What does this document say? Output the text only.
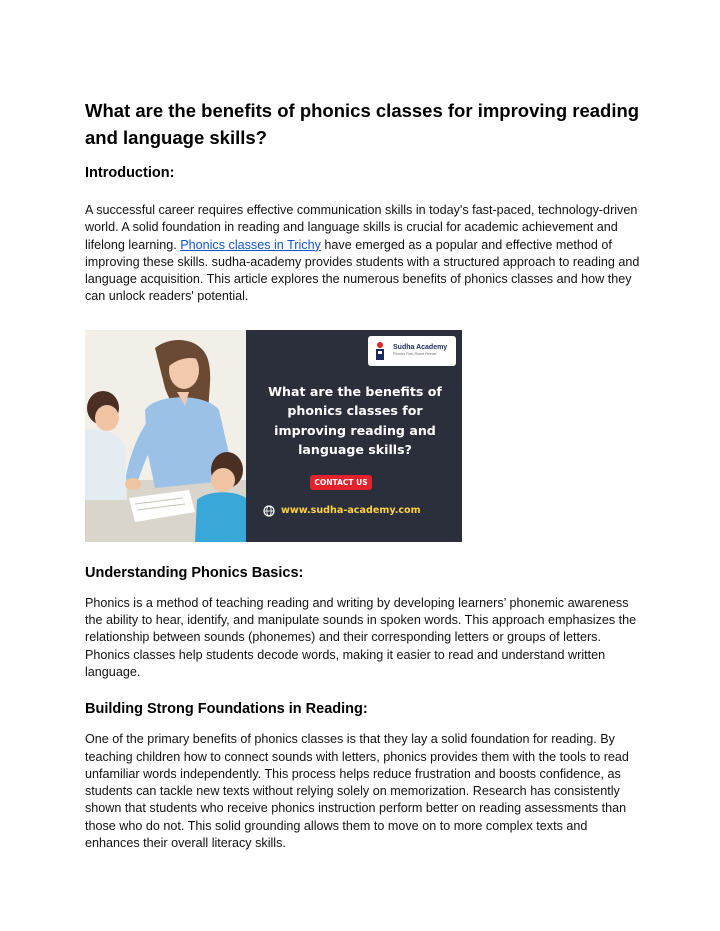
What are the benefits of phonics classes for improving reading and language skills?
Introduction:

A successful career requires effective communication skills in today's fast-paced, technology-driven world. A solid foundation in reading and language skills is crucial for academic achievement and lifelong learning. Phonics classes in Trichy have emerged as a popular and effective method of improving these skills. sudha-academy provides students with a structured approach to reading and language acquisition. This article explores the numerous benefits of phonics classes and how they can unlock readers' potential.

Sudha Academy
Phonics First, Fluent Forever
What are the benefits of phonics classes for improving reading and language skills?
CONTACT US
www.sudha-academy.com
Understanding Phonics Basics:

Phonics is a method of teaching reading and writing by developing learners’ phonemic awareness the ability to hear, identify, and manipulate sounds in spoken words. This approach emphasizes the relationship between sounds (phonemes) and their corresponding letters or groups of letters. Phonics classes help students decode words, making it easier to read and understand written language.

Building Strong Foundations in Reading:

One of the primary benefits of phonics classes is that they lay a solid foundation for reading. By teaching children how to connect sounds with letters, phonics provides them with the tools to read unfamiliar words independently. This process helps reduce frustration and boosts confidence, as students can tackle new texts without relying solely on memorization. Research has consistently shown that students who receive phonics instruction perform better on reading assessments than those who do not. This solid grounding allows them to move on to more complex texts and enhances their overall literacy skills.
